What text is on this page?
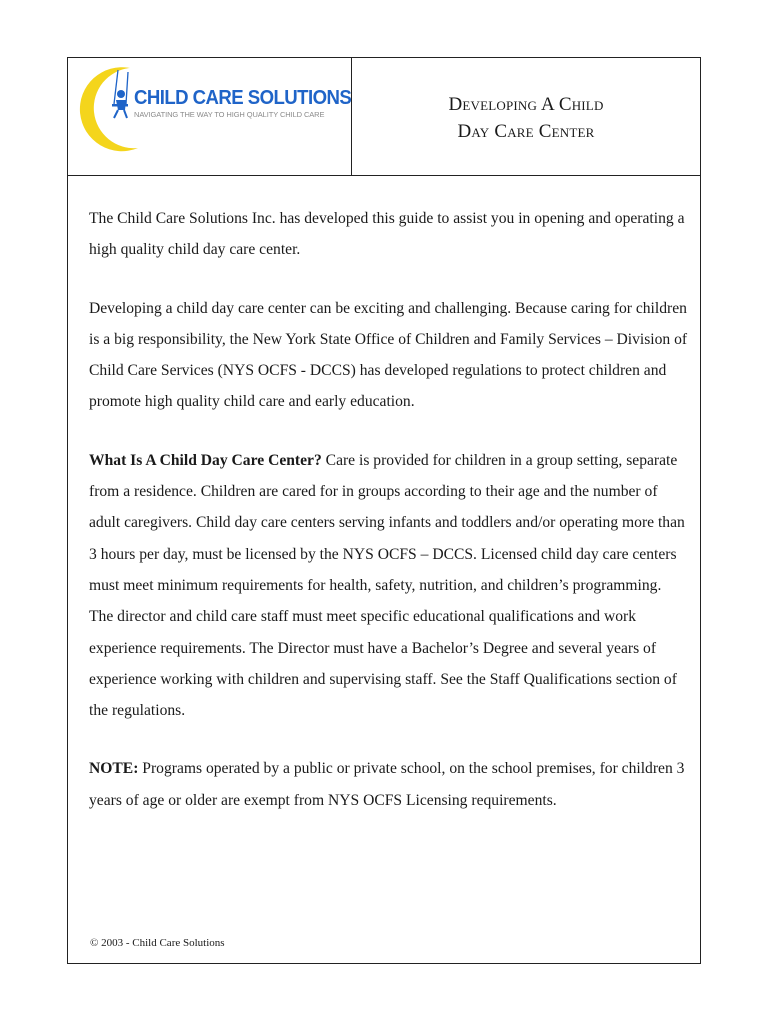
CHILD CARE SOLUTIONS
NAVIGATING THE WAY TO HIGH QUALITY CHILD CARE	Developing A Child
Day Care Center

The Child Care Solutions Inc. has developed this guide to assist you in opening and operating a high quality child day care center.

Developing a child day care center can be exciting and challenging. Because caring for children is a big responsibility, the New York State Office of Children and Family Services – Division of Child Care Services (NYS OCFS - DCCS) has developed regulations to protect children and promote high quality child care and early education.

What Is A Child Day Care Center? Care is provided for children in a group setting, separate from a residence. Children are cared for in groups according to their age and the number of adult caregivers. Child day care centers serving infants and toddlers and/or operating more than 3 hours per day, must be licensed by the NYS OCFS – DCCS. Licensed child day care centers must meet minimum requirements for health, safety, nutrition, and children’s programming. The director and child care staff must meet specific educational qualifications and work experience requirements. The Director must have a Bachelor’s Degree and several years of experience working with children and supervising staff. See the Staff Qualifications section of the regulations.

NOTE: Programs operated by a public or private school, on the school premises, for children 3 years of age or older are exempt from NYS OCFS Licensing requirements.

© 2003 - Child Care Solutions
